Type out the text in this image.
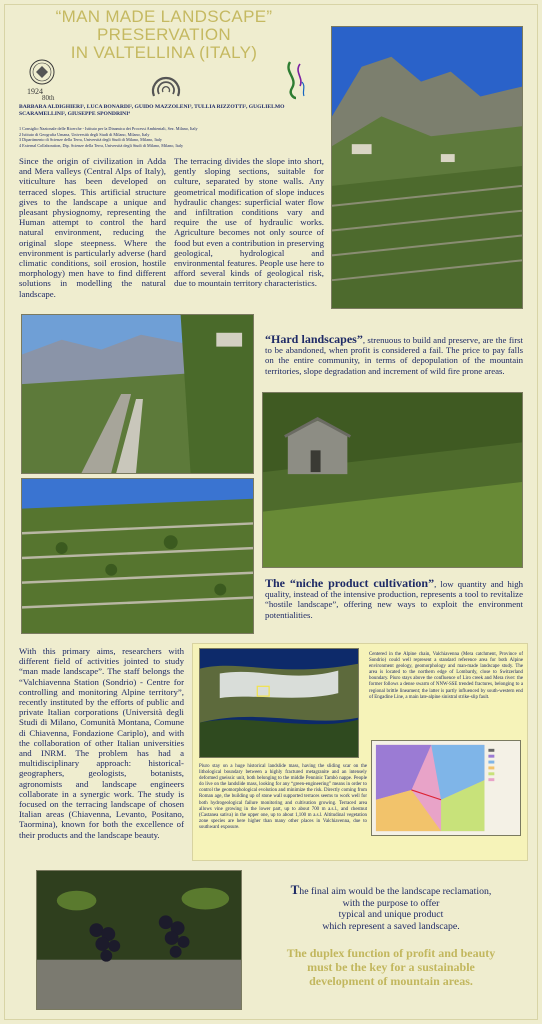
“MAN MADE LANDSCAPE”
PRESERVATION
IN VALTELLINA (ITALY)
1924
80th
BARBARA ALDIGHIERI¹, LUCA BONARDI², GUIDO MAZZOLENI³, TULLIA RIZZOTTI², GUGLIELMO SCARAMELLINI², GIUSEPPE SPONDRINI⁴
1 Consiglio Nazionale delle Ricerche - Istituto per la Dinamica dei Processi Ambientali, Sez. Milano, Italy
2 Istituto di Geografia Umana, Università degli Studi di Milano, Milano, Italy
3 Dipartimento di Scienze della Terra, Università degli Studi di Milano, Milano, Italy
4 External Collaboration, Dip. Scienze della Terra, Università degli Studi di Milano, Milano, Italy
Since the origin of civilization in Adda and Mera valleys (Central Alps of Italy), viticulture has been developed on terraced slopes. This artificial structure gives to the landscape a unique and pleasant physiognomy, representing the Human attempt to control the hard natural environment, reducing the original slope steepness. Where the environment is particularly adverse (hard climatic conditions, soil erosion, hostile morphology) men have to find different solutions in modelling the natural landscape.
The terracing divides the slope into short, gently sloping sections, suitable for culture, separated by stone walls. Any geometrical modification of slope induces hydraulic changes: superficial water flow and infiltration conditions vary and require the use of hydraulic works. Agriculture becomes not only source of food but even a contribution in preserving geological, hydrological and environmental features. People use here to afford several kinds of geological risk, due to mountain territory characteristics.
“Hard landscapes”, strenuous to build and preserve, are the first to be abandoned, when profit is considered a fail. The price to pay falls on the entire community, in terms of depopulation of the mountain territories, slope degradation and increment of wild fire prone areas.
The “niche product cultivation”, low quantity and high quality, instead of the intensive production, represents a tool to revitalize “hostile landscape”, offering new ways to exploit the environment potentialities.
With this primary aims, researchers with different field of activities jointed to study “man made landscape”. The staff belongs the “Valchiavenna Station (Sondrio) - Centre for controlling and monitoring Alpine territory”, recently instituted by the efforts of public and private Italian corporations (Università degli Studi di Milano, Comunità Montana, Comune di Chiavenna, Fondazione Cariplo), and with the collaboration of other Italian universities and INRM. The problem has had a multidisciplinary approach: historical-geographers, geologists, botanists, agronomists and landscape engineers collaborate in a synergic work. The study is focused on the terracing landscape of chosen Italian areas (Chiavenna, Levanto, Positano, Taormina), known for both the excellence of their products and the landscape beauty.
Centered in the Alpine chain, Valchiavenna (Mera catchment, Province of Sondrio) could well represent a standard reference area for both Alpine environment geology, geomorphology and man-made landscape study. The area is located to the northern edge of Lombardy, close to Switzerland boundary. Piuro stays above the confluence of Liro creek and Mera river: the former follows a dense swarm of NNW-SSE trended fractures, belonging to a regional brittle lineament; the latter is partly influenced by south-western end of Engadine Line, a main late-alpine sinistral strike-slip fault.
Piuro stay on a huge historical landslide mass, having the sliding scar on the lithological boundary between a highly fractured metagranite and an intensely deformed gneissic unit, both belonging to the middle Penninic Tambò nappe. People do live on the landslide mass, looking for any “green-engineering” means in order to control the geomorphological evolution and minimize the risk. Directly coming from Roman age, the building up of stone wall supported terraces seems to work well for both hydrogeological failure monitoring and cultivation growing. Terraced area allows vine growing in the lower part, up to about 700 m a.s.l., and chestnut (Castanea sativa) in the upper one, up to about 1,100 m a.s.l. Altitudinal vegetation zone species are here higher than many other places in Valchiavenna, due to southward exposure.
The final aim would be the landscape reclamation,
with the purpose to offer
typical and unique product
which represent a saved landscape.
The duplex function of profit and beauty
must be the key for a sustainable
development of mountain areas.
